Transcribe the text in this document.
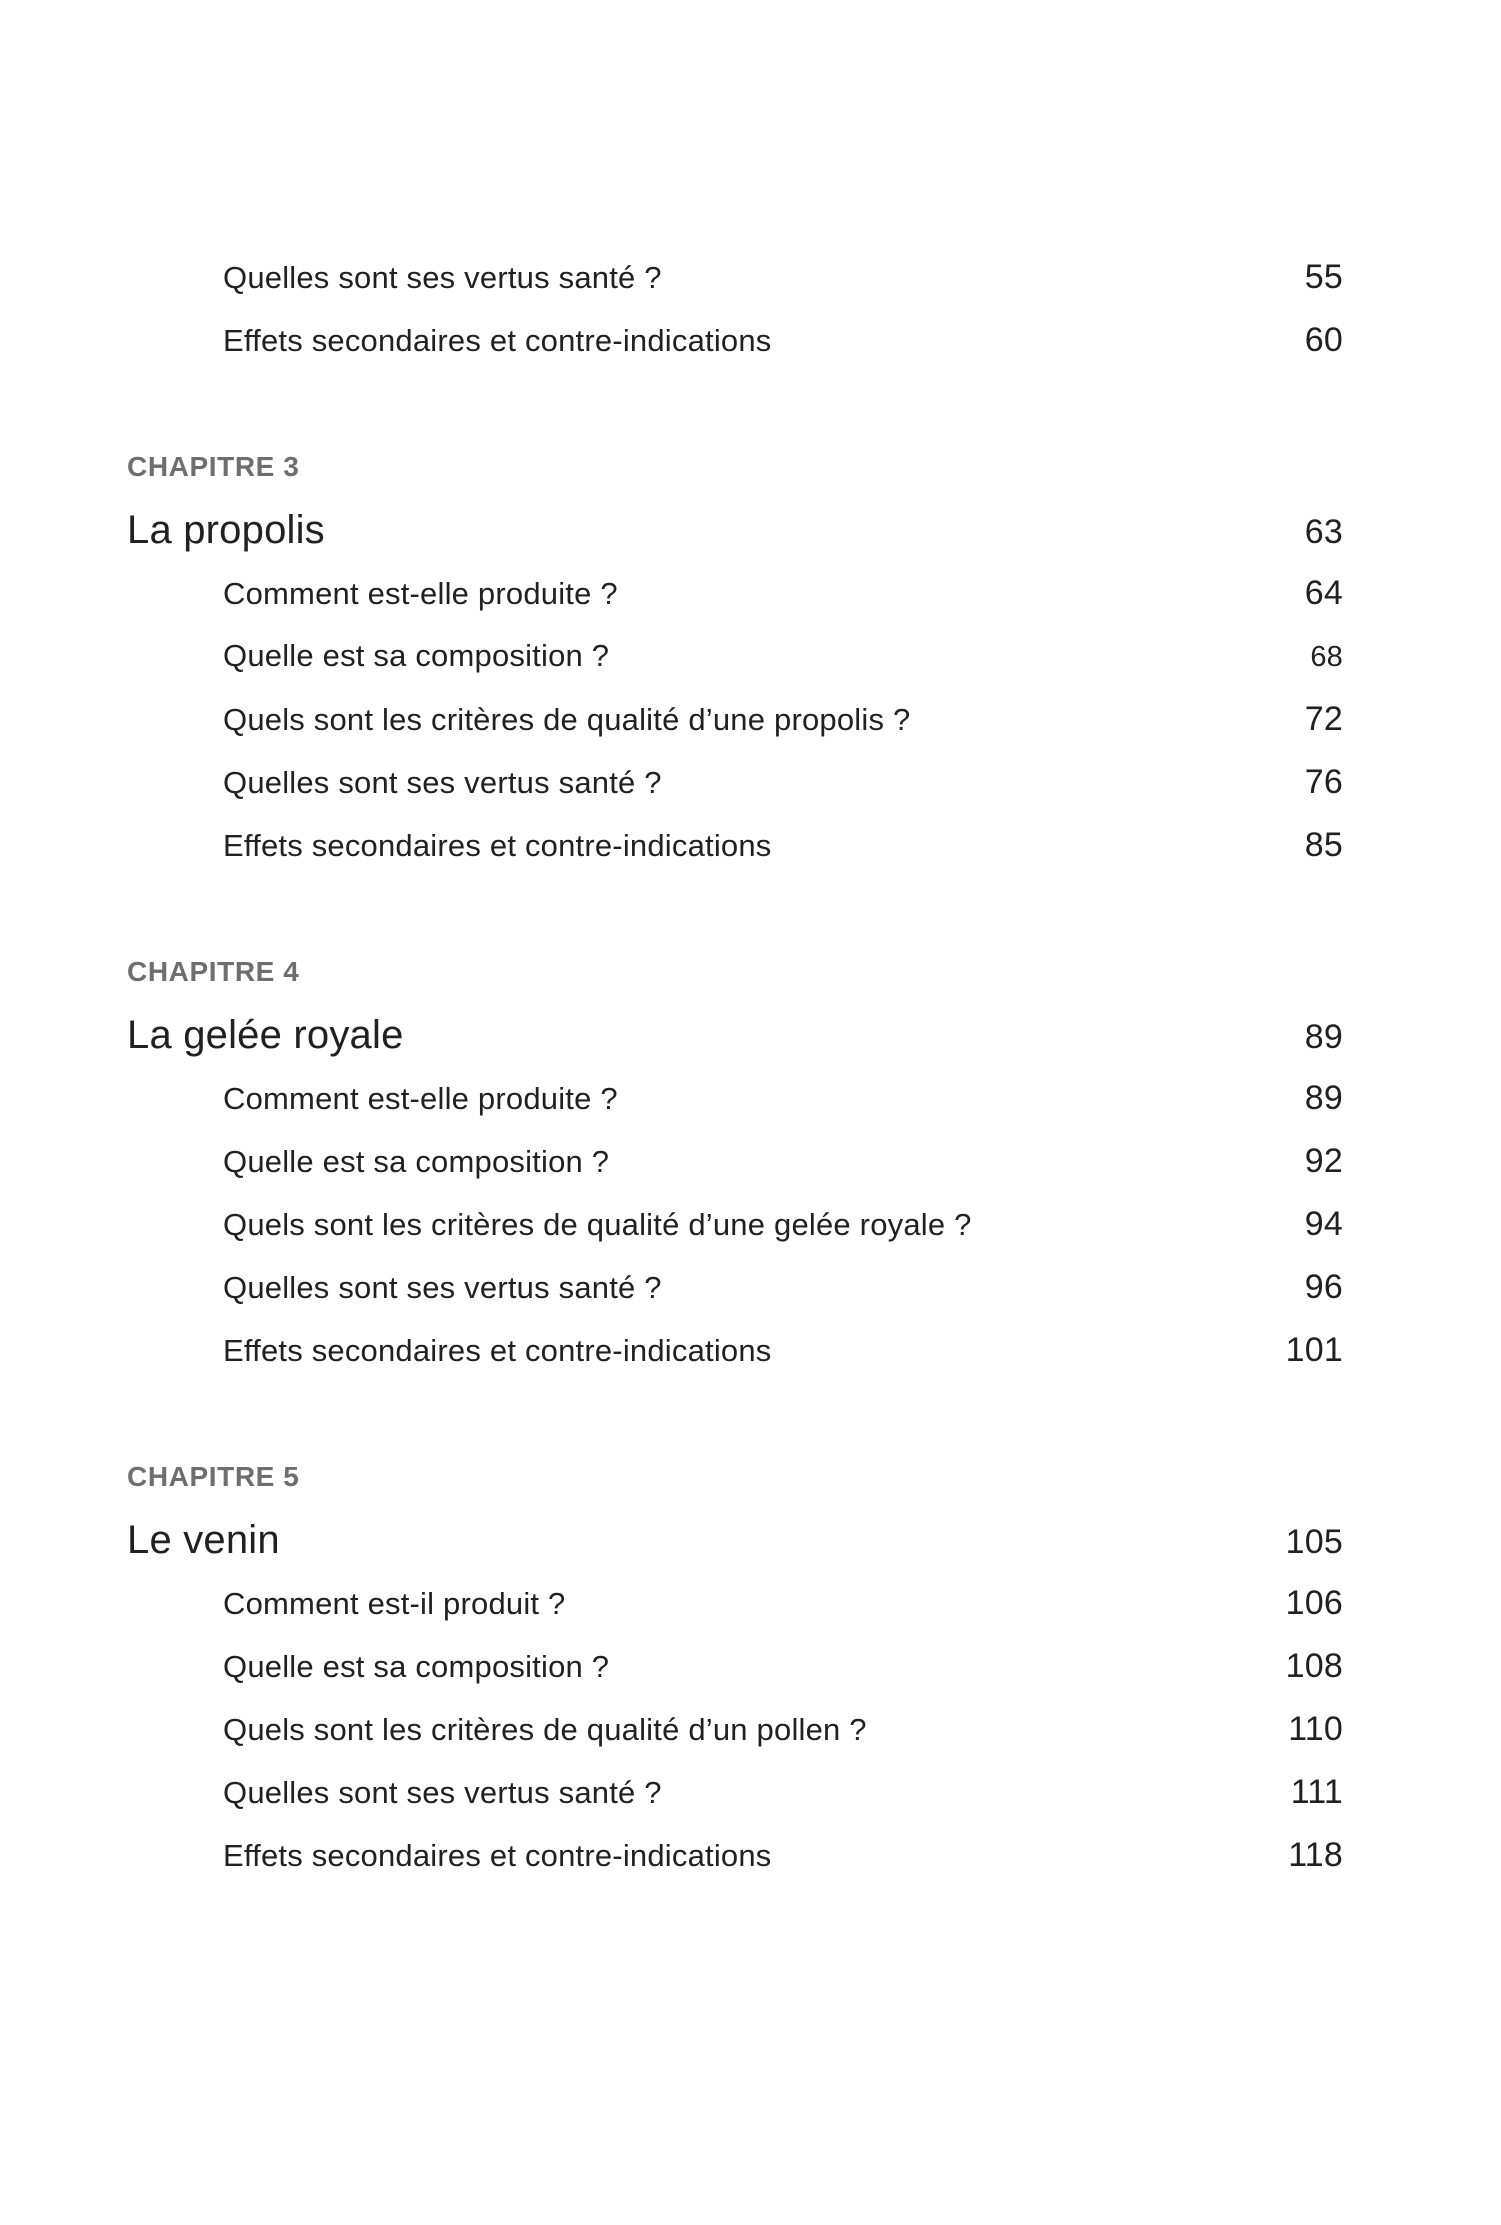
Quelles sont ses vertus santé ?	55
Effets secondaires et contre-indications	60
CHAPITRE 3
La propolis	63
Comment est-elle produite ?	64
Quelle est sa composition ?	68
Quels sont les critères de qualité d’une propolis ?	72
Quelles sont ses vertus santé ?	76
Effets secondaires et contre-indications	85
CHAPITRE 4
La gelée royale	89
Comment est-elle produite ?	89
Quelle est sa composition ?	92
Quels sont les critères de qualité d’une gelée royale ?	94
Quelles sont ses vertus santé ?	96
Effets secondaires et contre-indications	101
CHAPITRE 5
Le venin	105
Comment est-il produit ?	106
Quelle est sa composition ?	108
Quels sont les critères de qualité d’un pollen ?	110
Quelles sont ses vertus santé ?	111
Effets secondaires et contre-indications	118
